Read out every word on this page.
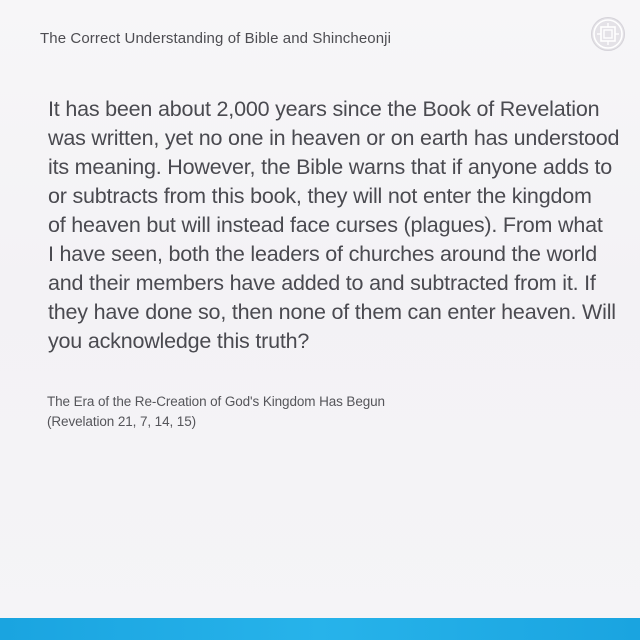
The Correct Understanding of Bible and Shincheonji

It has been about 2,000 years since the Book of Revelation
was written, yet no one in heaven or on earth has understood
its meaning. However, the Bible warns that if anyone adds to
or subtracts from this book, they will not enter the kingdom
of heaven but will instead face curses (plagues). From what
I have seen, both the leaders of churches around the world
and their members have added to and subtracted from it. If
they have done so, then none of them can enter heaven. Will
you acknowledge this truth?

The Era of the Re-Creation of God's Kingdom Has Begun
(Revelation 21, 7, 14, 15)
